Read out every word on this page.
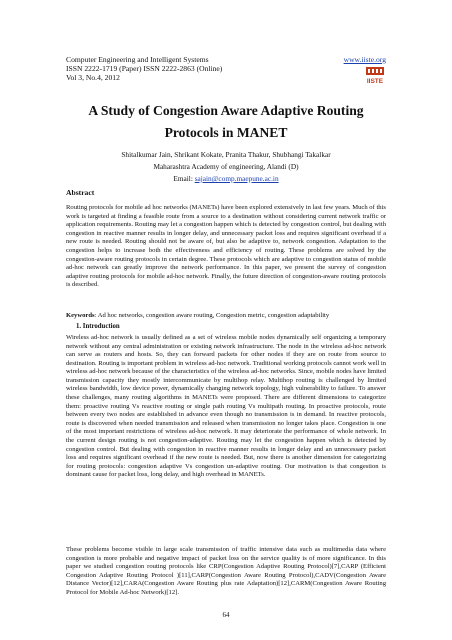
Computer Engineering and Intelligent Systems
ISSN 2222-1719 (Paper) ISSN 2222-2863 (Online)
Vol 3, No.4, 2012
www.iiste.org
IISTE
A Study of Congestion Aware Adaptive Routing Protocols in MANET
Shitalkumar Jain, Shrikant Kokate, Pranita Thakur, Shubhangi Takalkar
Maharashtra Academy of engineering, Alandi (D)
Email: sajain@comp.maepune.ac.in
Abstract
Routing protocols for mobile ad hoc networks (MANETs) have been explored extensively in last few years. Much of this work is targeted at finding a feasible route from a source to a destination without considering current network traffic or application requirements. Routing may let a congestion happen which is detected by congestion control, but dealing with congestion in reactive manner results in longer delay, and unnecessary packet loss and requires significant overhead if a new route is needed. Routing should not be aware of, but also be adaptive to, network congestion. Adaptation to the congestion helps to increase both the effectiveness and efficiency of routing. These problems are solved by the congestion-aware routing protocols in certain degree. These protocols which are adaptive to congestion status of mobile ad-hoc network can greatly improve the network performance. In this paper, we present the survey of congestion adaptive routing protocols for mobile ad-hoc network. Finally, the future direction of congestion-aware routing protocols is described.
Keywords: Ad hoc networks, congestion aware routing, Congestion metric, congestion adaptability
1. Introduction
Wireless ad-hoc network is usually defined as a set of wireless mobile nodes dynamically self organizing a temporary network without any central administration or existing network infrastructure. The node in the wireless ad-hoc network can serve as routers and hosts. So, they can forward packets for other nodes if they are on route from source to destination. Routing is important problem in wireless ad-hoc network. Traditional working protocols cannot work well in wireless ad-hoc network because of the characteristics of the wireless ad-hoc networks. Since, mobile nodes have limited transmission capacity they mostly intercommunicate by multihop relay. Multihop routing is challenged by limited wireless bandwidth, low device power, dynamically changing network topology, high vulnerability to failure. To answer these challenges, many routing algorithms in MANETs were proposed. There are different dimensions to categorize them: proactive routing Vs reactive routing or single path routing Vs multipath routing. In proactive protocols, route between every two nodes are established in advance even though no transmission is in demand. In reactive protocols, route is discovered when needed transmission and released when transmission no longer takes place. Congestion is one of the most important restrictions of wireless ad-hoc network. It may deteriorate the performance of whole network. In the current design routing is not congestion-adaptive. Routing may let the congestion happen which is detected by congestion control. But dealing with congestion in reactive manner results in longer delay and an unnecessary packet loss and requires significant overhead if the new route is needed. But, now there is another dimension for categorizing for routing protocols: congestion adaptive Vs congestion un-adaptive routing. Our motivation is that congestion is dominant cause for packet loss, long delay, and high overhead in MANETs.
These problems become visible in large scale transmission of traffic intensive data such as multimedia data where congestion is more probable and negative impact of packet loss on the service quality is of more significance. In this paper we studied congestion routing protocols like CRP(Congestion Adaptive Routing Protocol)[7],CARP (Efficient Congestion Adaptive Routing Protocol )[11],CARP(Congestion Aware Routing Protocol),CADV(Congestion Aware Distance Vector)[12],CARA(Congestion Aware Routing plus rate Adaptation)[12],CARM(Congestion Aware Routing Protocol for Mobile Ad-hoc Network)[12].
64
